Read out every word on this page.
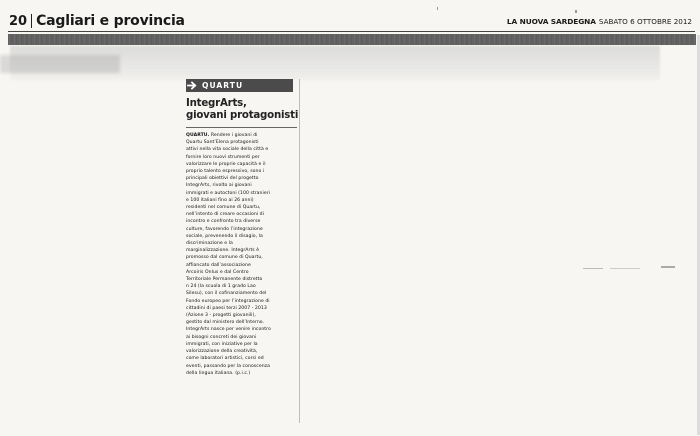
20 Cagliari e provincia	LA NUOVA SARDEGNA SABATO 6 OTTOBRE 2012
QUARTU
IntegrArts,
giovani protagonisti
QUARTU. Rendere i giovani di
Quartu Sant’Elena protagonisti
attivi nella vita sociale della città e
fornire loro nuovi strumenti per
valorizzare le proprie capacità e il
proprio talento espressivo, sono i
principali obiettivi del progetto
IntegrArts, rivolto ai giovani
immigrati e autoctoni (100 stranieri
e 100 italiani fino ai 26 anni)
residenti nel comune di Quartu,
nell’intento di creare occasioni di
incontro e confronto tra diverse
culture, favorendo l’integrazione
sociale, prevenendo il disagio, la
discriminazione e la
marginalizzazione. IntegrArts è
promosso dal comune di Quartu,
affiancato dall’associazione
Arcoiris Onlus e dal Centro
Territoriale Permanente distretto
n 24 (la scuola di 1 grado Lao
Silesu), con il cofinanziamento del
Fondo europeo per l’integrazione di
cittadini di paesi terzi 2007 - 2013
(Azione 3 - progetti giovanili),
gestito dal ministero dell’Interno.
IntegrArts nasce per venire incontro
ai bisogni concreti dei giovani
immigrati, con iniziative per la
valorizzazione della creatività,
come laboratori artistici, corsi ed
eventi, passando per la conoscenza
della lingua italiana. (p.i.c.)
